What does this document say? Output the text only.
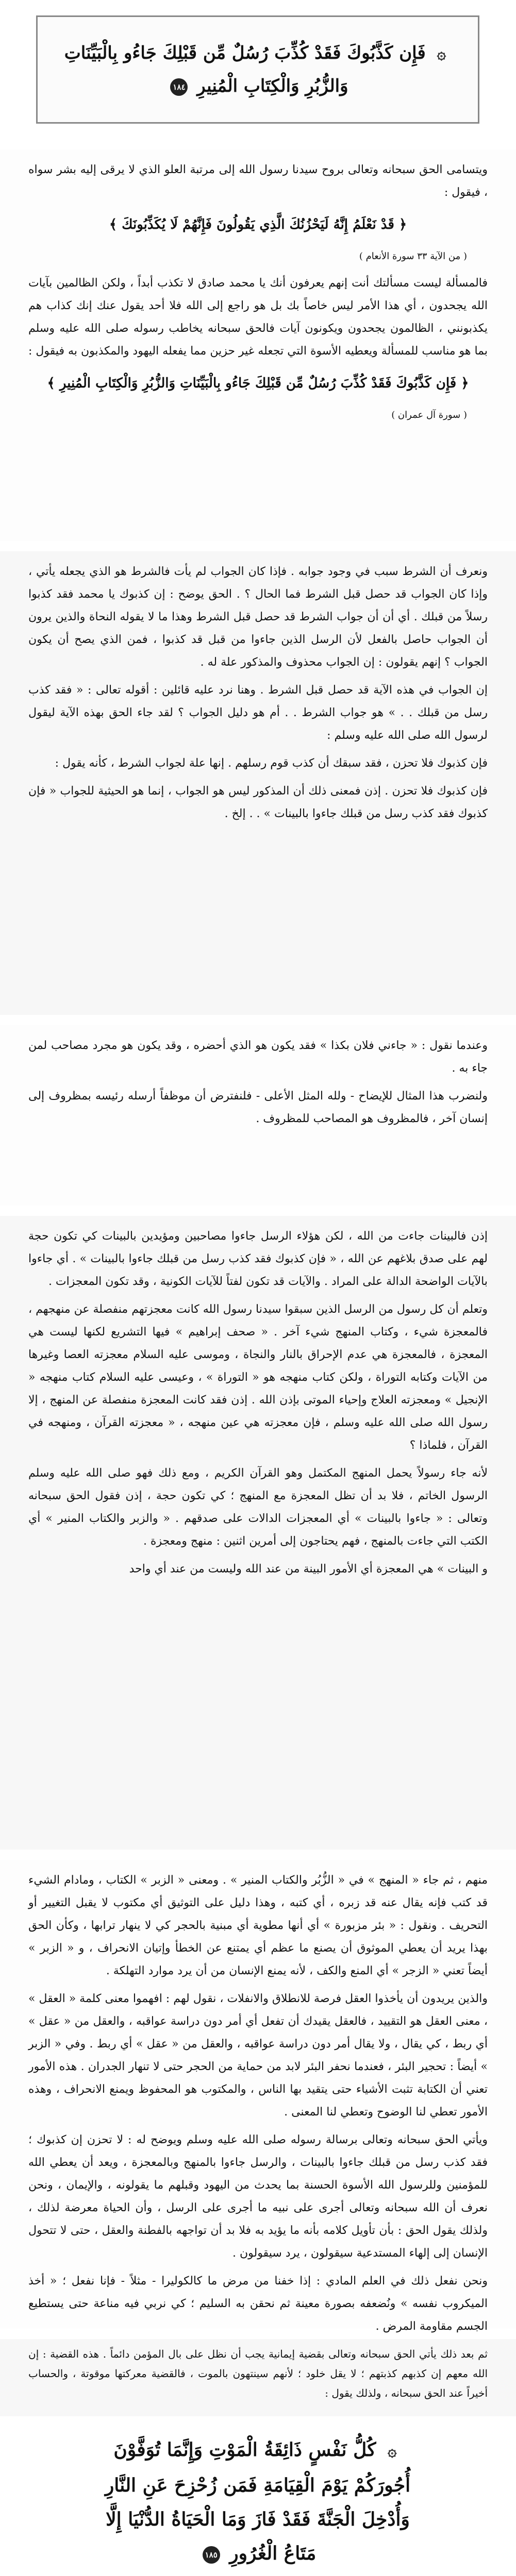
۞ فَإِن كَذَّبُوكَ فَقَدْ كُذِّبَ رُسُلٌ مِّن قَبْلِكَ جَاءُو بِالْبَيِّنَاتِ وَالزُّبُرِ وَالْكِتَابِ الْمُنِيرِ ١٨٤

ويتسامى الحق سبحانه وتعالى بروح سيدنا رسول الله إلى مرتبة العلو الذي لا يرقى إليه بشر سواه ، فيقول :

﴿ قَدْ نَعْلَمُ إِنَّهُ لَيَحْزُنُكَ الَّذِي يَقُولُونَ فَإِنَّهُمْ لَا يُكَذِّبُونَكَ ﴾
( من الآية ٣٣ سورة الأنعام )

فالمسألة ليست مسألتك أنت إنهم يعرفون أنك يا محمد صادق لا تكذب أبداً ، ولكن الظالمين بآيات الله يجحدون ، أي هذا الأمر ليس خاصاً بك بل هو راجع إلى الله فلا أحد يقول عنك إنك كذاب هم يكذبونني ، الظالمون يجحدون ويكونون آيات فالحق سبحانه يخاطب رسوله صلى الله عليه وسلم بما هو مناسب للمسألة ويعطيه الأسوة التي تجعله غير حزين مما يفعله اليهود والمكذبون به فيقول :

﴿ فَإِن كَذَّبُوكَ فَقَدْ كُذِّبَ رُسُلٌ مِّن قَبْلِكَ جَاءُو بِالْبَيِّنَاتِ وَالزُّبُرِ وَالْكِتَابِ الْمُنِيرِ ﴾
( سورة آل عمران )

ونعرف أن الشرط سبب في وجود جوابه . فإذا كان الجواب لم يأت فالشرط هو الذي يجعله يأتي ، وإذا كان الجواب قد حصل قبل الشرط فما الحال ؟ . الحق يوضح : إن كذبوك يا محمد فقد كذبوا رسلاً من قبلك . أي أن أن جواب الشرط قد حصل قبل الشرط وهذا ما لا يقوله النحاة والذين يرون أن الجواب حاصل بالفعل لأن الرسل الذين جاءوا من قبل قد كذبوا ، فمن الذي يصح أن يكون الجواب ؟ إنهم يقولون : إن الجواب محذوف والمذكور علة له .

إن الجواب في هذه الآية قد حصل قبل الشرط . وهنا نرد عليه قائلين : أقوله تعالى : « فقد كذب رسل من قبلك . . » هو جواب الشرط . . أم هو دليل الجواب ؟ لقد جاء الحق بهذه الآية ليقول لرسول الله صلى الله عليه وسلم :

فإن كذبوك فلا تحزن ، فقد سبقك أن كذب قوم رسلهم . إنها علة لجواب الشرط ، كأنه يقول :

فإن كذبوك فلا تحزن . إذن فمعنى ذلك أن المذكور ليس هو الجواب ، إنما هو الحيثية للجواب « فإن كذبوك فقد كذب رسل من قبلك جاءوا بالبينات » . . إلخ .

وعندما نقول : « جاءني فلان بكذا » فقد يكون هو الذي أحضره ، وقد يكون هو مجرد مصاحب لمن جاء به .

ولنضرب هذا المثال للإيضاح - ولله المثل الأعلى - فلنفترض أن موظفاً أرسله رئيسه بمظروف إلى إنسان آخر ، فالمظروف هو المصاحب للمظروف .

إذن فالبينات جاءت من الله ، لكن هؤلاء الرسل جاءوا مصاحبين ومؤيدين بالبينات كي تكون حجة لهم على صدق بلاغهم عن الله ، « فإن كذبوك فقد كذب رسل من قبلك جاءوا بالبينات » . أي جاءوا بالآيات الواضحة الدالة على المراد . والآيات قد تكون لفتاً للآيات الكونية ، وقد تكون المعجزات .

وتعلم أن كل رسول من الرسل الذين سبقوا سيدنا رسول الله كانت معجزتهم منفصلة عن منهجهم ، فالمعجزة شيء ، وكتاب المنهج شيء آخر . « صحف إبراهيم » فيها التشريع لكنها ليست هي المعجزة ، فالمعجزة هي عدم الإحراق بالنار والنجاة ، وموسى عليه السلام معجزته العصا وغيرها من الآيات وكتابه التوراة ، ولكن كتاب منهجه هو « التوراة » ، وعيسى عليه السلام كتاب منهجه « الإنجيل » ومعجزته العلاج وإحياء الموتى بإذن الله . إذن فقد كانت المعجزة منفصلة عن المنهج ، إلا رسول الله صلى الله عليه وسلم ، فإن معجزته هي عين منهجه ، « معجزته القرآن ، ومنهجه في القرآن ، فلماذا ؟

لأنه جاء رسولاً يحمل المنهج المكتمل وهو القرآن الكريم ، ومع ذلك فهو صلى الله عليه وسلم الرسول الخاتم ، فلا بد أن تظل المعجزة مع المنهج ؛ كي تكون حجة ، إذن فقول الحق سبحانه وتعالى : « جاءوا بالبينات » أي المعجزات الدالات على صدقهم . « والزبر والكتاب المنير » أي الكتب التي جاءت بالمنهج ، فهم يحتاجون إلى أمرين اثنين : منهج ومعجزة .

و البينات » هي المعجزة أي الأمور البينة من عند الله وليست من عند أي واحد

منهم ، ثم جاء « المنهج » في « الزُّبُر والكتاب المنير » . ومعنى « الزبر » الكتاب ، ومادام الشيء قد كتب فإنه يقال عنه قد زبره ، أي كتبه ، وهذا دليل على التوثيق أي مكتوب لا يقبل التغيير أو التحريف . ونقول : « بئر مزبورة » أي أنها مطوية أي مبنية بالحجر كي لا ينهار ترابها ، وكأن الحق بهذا يريد أن يعطي الموثوق أن يصنع ما عظم أي يمتنع عن الخطأ وإتيان الانحراف ، و « الزبر » أيضاً تعني « الزجر » أي المنع والكف ، لأنه يمنع الإنسان من أن يرد موارد التهلكة .

والذين يريدون أن يأخذوا العقل فرصة للانطلاق والانفلات ، نقول لهم : افهموا معنى كلمة « العقل » ، معنى العقل هو التقييد ، فالعقل يقيدك أن تفعل أي أمر دون دراسة عواقبه ، والعقل من « عقل » أي ربط ، كي يقال ، ولا يقال أمر دون دراسة عواقبه ، والعقل من « عقل » أي ربط . وفي « الزبر » أيضاً : تحجير البئر ، فعندما نحفر البئر لابد من حماية من الحجر حتى لا تنهار الجدران . هذه الأمور تعني أن الكتابة تثبت الأشياء حتى يتقيد بها الناس ، والمكتوب هو المحفوظ ويمنع الانحراف ، وهذه الأمور تعطي لنا الوضوح وتعطي لنا المعنى .

ويأتي الحق سبحانه وتعالى برسالة رسوله صلى الله عليه وسلم ويوضح له : لا تحزن إن كذبوك ؛ فقد كذب رسل من قبلك جاءوا بالبينات ، والرسل جاءوا بالمنهج وبالمعجزة ، ويعد أن يعطي الله للمؤمنين وللرسول الله الأسوة الحسنة بما يحدث من اليهود وقبلهم ما يقولونه ، والإيمان ، ونحن نعرف أن الله سبحانه وتعالى أجرى على نبيه ما أجرى على الرسل ، وأن الحياة معرضة لذلك ، ولذلك يقول الحق : بأن تأويل كلامه بأنه ما يؤيد به فلا بد أن تواجهه بالفطنة والعقل ، حتى لا تتحول الإنسان إلى إلهاء المستدعية سيقولون ، يرد سيقولون .

ونحن نفعل ذلك في العلم المادي : إذا خفنا من مرض ما كالكوليرا - مثلاً - فإنا نفعل ؛ « أخذ الميكروب نفسه » ونُضعفه بصورة معينة ثم نحقن به السليم ؛ كي نربي فيه مناعة حتى يستطيع الجسم مقاومة المرض .

ثم بعد ذلك يأتي الحق سبحانه وتعالى بقضية إيمانية يجب أن نظل على بال المؤمن دائماً . هذه القضية : إن الله معهم إن كذبهم كذبتهم ؛ لا يقل خلود ؛ لأنهم سينتهون بالموت ، فالقضية معركتها موقوتة ، والحساب أخيراً عند الحق سبحانه ، ولذلك يقول :

۞ كُلُّ نَفْسٍ ذَائِقَةُ الْمَوْتِ وَإِنَّمَا تُوَفَّوْنَ أُجُورَكُمْ يَوْمَ الْقِيَامَةِ فَمَن زُحْزِحَ عَنِ النَّارِ وَأُدْخِلَ الْجَنَّةَ فَقَدْ فَازَ وَمَا الْحَيَاةُ الدُّنْيَا إِلَّا مَتَاعُ الْغُرُورِ ١٨٥
